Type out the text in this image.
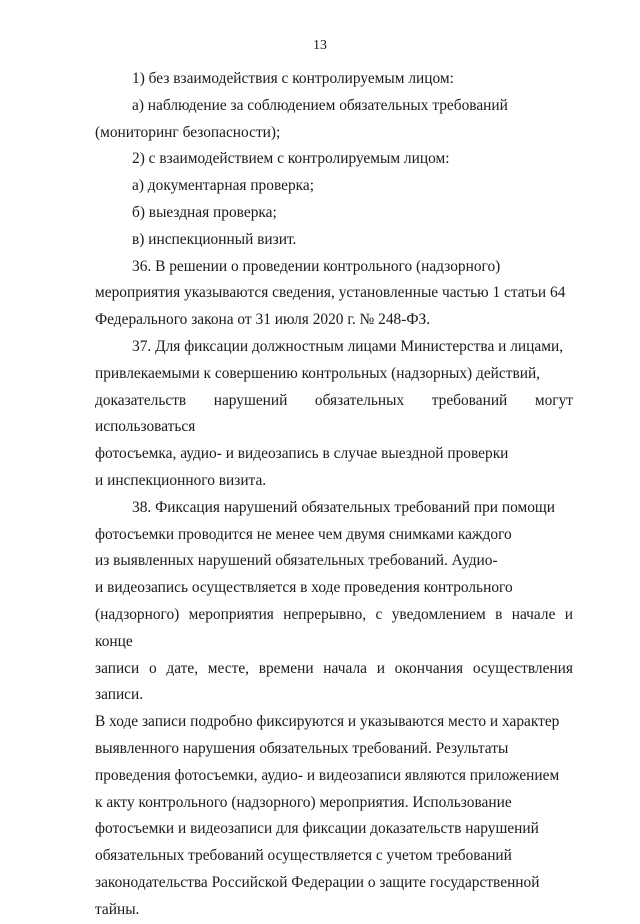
13

1) без взаимодействия с контролируемым лицом:

а) наблюдение за соблюдением обязательных требований

(мониторинг безопасности);

2) с взаимодействием с контролируемым лицом:

а) документарная проверка;

б) выездная проверка;

в) инспекционный визит.

36. В решении о проведении контрольного (надзорного)

мероприятия указываются сведения, установленные частью 1 статьи 64

Федерального закона от 31 июля 2020 г. № 248-ФЗ.

37. Для фиксации должностным лицами Министерства и лицами,

привлекаемыми к совершению контрольных (надзорных) действий,

доказательств нарушений обязательных требований могут использоваться

фотосъемка, аудио- и видеозапись в случае выездной проверки

и инспекционного визита.

38. Фиксация нарушений обязательных требований при помощи

фотосъемки проводится не менее чем двумя снимками каждого

из выявленных нарушений обязательных требований. Аудио-

и видеозапись осуществляется в ходе проведения контрольного

(надзорного) мероприятия непрерывно, с уведомлением в начале и конце

записи о дате, месте, времени начала и окончания осуществления записи.

В ходе записи подробно фиксируются и указываются место и характер

выявленного нарушения обязательных требований. Результаты

проведения фотосъемки, аудио- и видеозаписи являются приложением

к акту контрольного (надзорного) мероприятия. Использование

фотосъемки и видеозаписи для фиксации доказательств нарушений

обязательных требований осуществляется с учетом требований

законодательства Российской Федерации о защите государственной

тайны.
